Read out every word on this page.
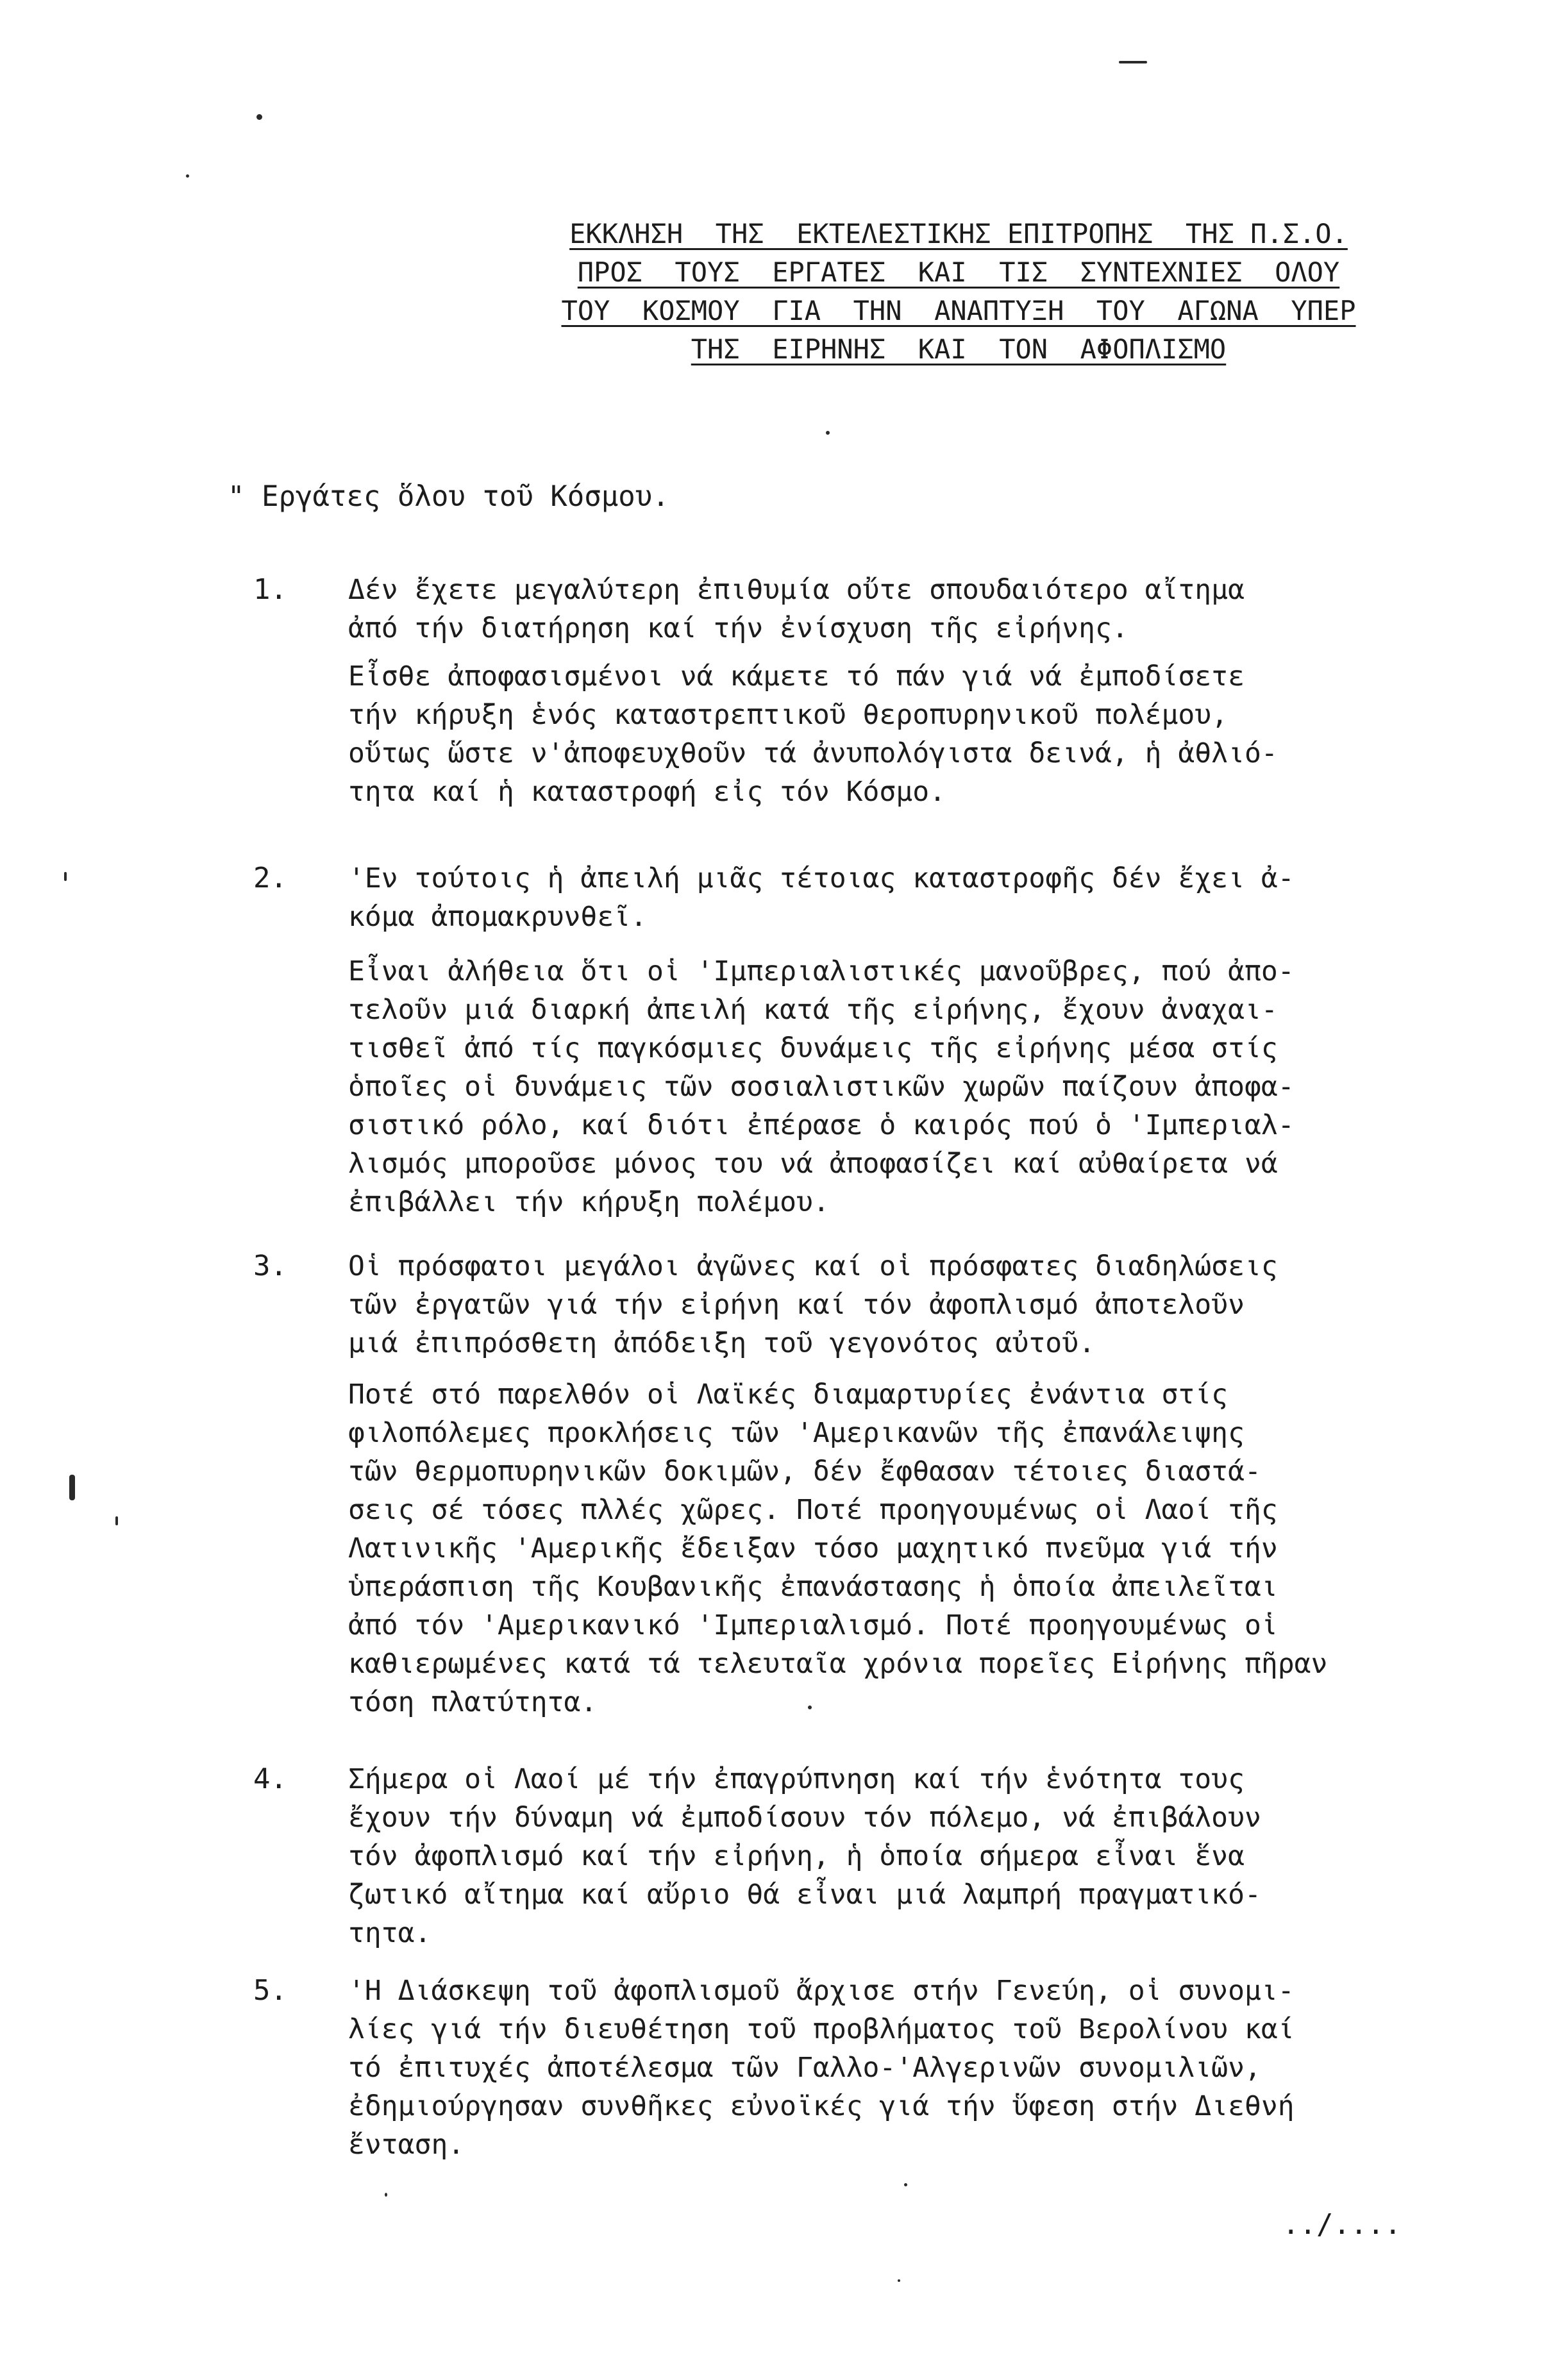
ΕΚΚΛΗΣΗ  ΤΗΣ  ΕΚΤΕΛΕΣΤΙΚΗΣ ΕΠΙΤΡΟΠΗΣ  ΤΗΣ Π.Σ.Ο.
ΠΡΟΣ  ΤΟΥΣ  ΕΡΓΑΤΕΣ  ΚΑΙ  ΤΙΣ  ΣΥΝΤΕΧΝΙΕΣ  ΟΛΟΥ
ΤΟΥ  ΚΟΣΜΟΥ  ΓΙΑ  ΤΗΝ  ΑΝΑΠΤΥΞΗ  ΤΟΥ  ΑΓΩΝΑ  ΥΠΕΡ
ΤΗΣ  ΕΙΡΗΝΗΣ  ΚΑΙ  ΤΟΝ  ΑΦΟΠΛΙΣΜΟ
" Εργάτες ὅλου τοῦ Κόσμου.
1. Δέν ἔχετε μεγαλύτερη ἐπιθυμία οὔτε σπουδαιότερο αἴτημα
ἀπό τήν διατήρηση καί τήν ἐνίσχυση τῆς εἰρήνης.
Εἶσθε ἀποφασισμένοι νά κάμετε τό πάν γιά νά ἐμποδίσετε
τήν κήρυξη ἑνός καταστρεπτικοῦ θεροπυρηνικοῦ πολέμου,
οὕτως ὥστε ν'ἀποφευχθοῦν τά ἀνυπολόγιστα δεινά, ἡ ἀθλιό-
τητα καί ἡ καταστροφή εἰς τόν Κόσμο.
2. 'Εν τούτοις ἡ ἀπειλή μιᾶς τέτοιας καταστροφῆς δέν ἔχει ἀ-
κόμα ἀπομακρυνθεῖ.
Εἶναι ἀλήθεια ὅτι οἱ 'Ιμπεριαλιστικές μανοῦβρες, πού ἀπο-
τελοῦν μιά διαρκή ἀπειλή κατά τῆς εἰρήνης, ἔχουν ἀναχαι-
τισθεῖ ἀπό τίς παγκόσμιες δυνάμεις τῆς εἰρήνης μέσα στίς
ὁποῖες οἱ δυνάμεις τῶν σοσιαλιστικῶν χωρῶν παίζουν ἀποφα-
σιστικό ρόλο, καί διότι ἐπέρασε ὁ καιρός πού ὁ 'Ιμπεριαλ-
λισμός μποροῦσε μόνος του νά ἀποφασίζει καί αὐθαίρετα νά
ἐπιβάλλει τήν κήρυξη πολέμου.
3. Οἱ πρόσφατοι μεγάλοι ἀγῶνες καί οἱ πρόσφατες διαδηλώσεις
τῶν ἐργατῶν γιά τήν εἰρήνη καί τόν ἀφοπλισμό ἀποτελοῦν
μιά ἐπιπρόσθετη ἀπόδειξη τοῦ γεγονότος αὐτοῦ.
Ποτέ στό παρελθόν οἱ Λαϊκές διαμαρτυρίες ἐνάντια στίς
φιλοπόλεμες προκλήσεις τῶν 'Αμερικανῶν τῆς ἐπανάλειψης
τῶν θερμοπυρηνικῶν δοκιμῶν, δέν ἔφθασαν τέτοιες διαστά-
σεις σέ τόσες πλλές χῶρες. Ποτέ προηγουμένως οἱ Λαοί τῆς
Λατινικῆς 'Αμερικῆς ἔδειξαν τόσο μαχητικό πνεῦμα γιά τήν
ὑπεράσπιση τῆς Κουβανικῆς ἐπανάστασης ἡ ὁποία ἀπειλεῖται
ἀπό τόν 'Αμερικανικό 'Ιμπεριαλισμό. Ποτέ προηγουμένως οἱ
καθιερωμένες κατά τά τελευταῖα χρόνια πορεῖες Εἰρήνης πῆραν
τόση πλατύτητα.
4. Σήμερα οἱ Λαοί μέ τήν ἐπαγρύπνηση καί τήν ἑνότητα τους
ἔχουν τήν δύναμη νά ἐμποδίσουν τόν πόλεμο, νά ἐπιβάλουν
τόν ἀφοπλισμό καί τήν εἰρήνη, ἡ ὁποία σήμερα εἶναι ἕνα
ζωτικό αἴτημα καί αὔριο θά εἶναι μιά λαμπρή πραγματικό-
τητα.
5. 'Η Διάσκεψη τοῦ ἀφοπλισμοῦ ἄρχισε στήν Γενεύη, οἱ συνομι-
λίες γιά τήν διευθέτηση τοῦ προβλήματος τοῦ Βερολίνου καί
τό ἐπιτυχές ἀποτέλεσμα τῶν Γαλλο-'Αλγερινῶν συνομιλιῶν,
ἐδημιούργησαν συνθῆκες εὐνοϊκές γιά τήν ὕφεση στήν Διεθνή
ἔνταση.
../....
